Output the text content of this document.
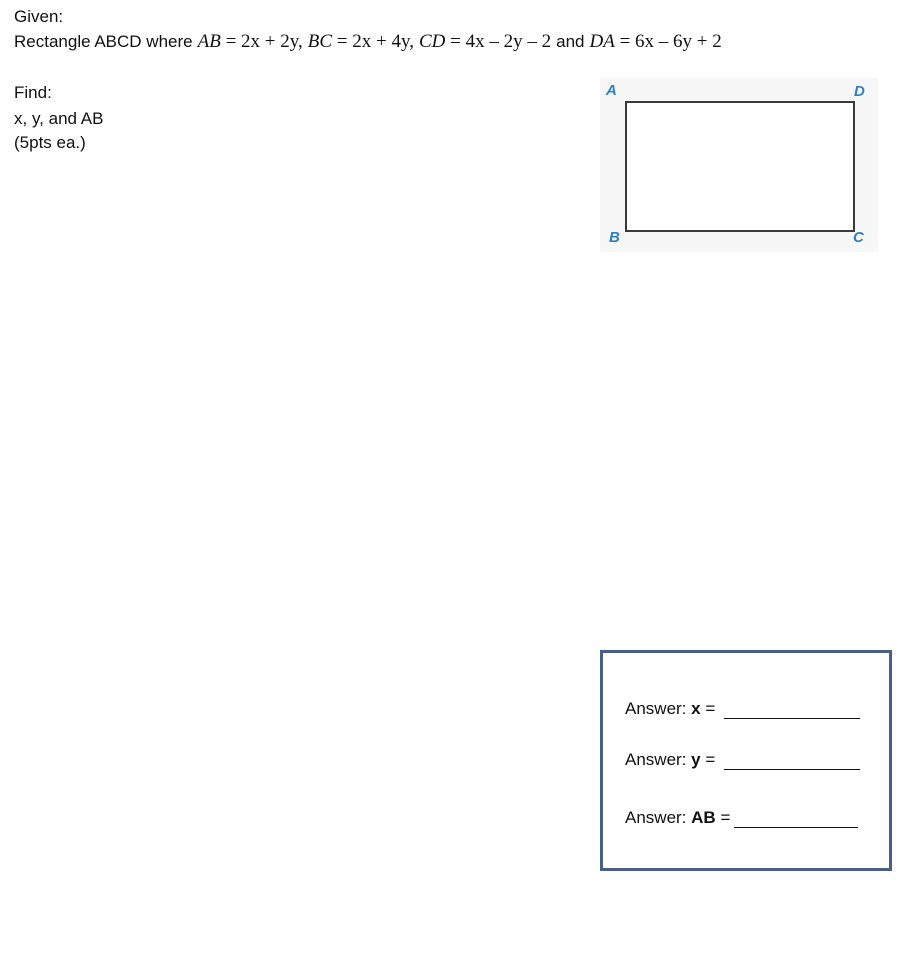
Given:
Rectangle ABCD where AB = 2x + 2y, BC = 2x + 4y, CD = 4x – 2y – 2 and DA = 6x – 6y + 2
Find:
x, y, and AB
(5pts ea.)
A	D
B	C
Answer:
x
=
Answer:
y
=
Answer:
AB
=
